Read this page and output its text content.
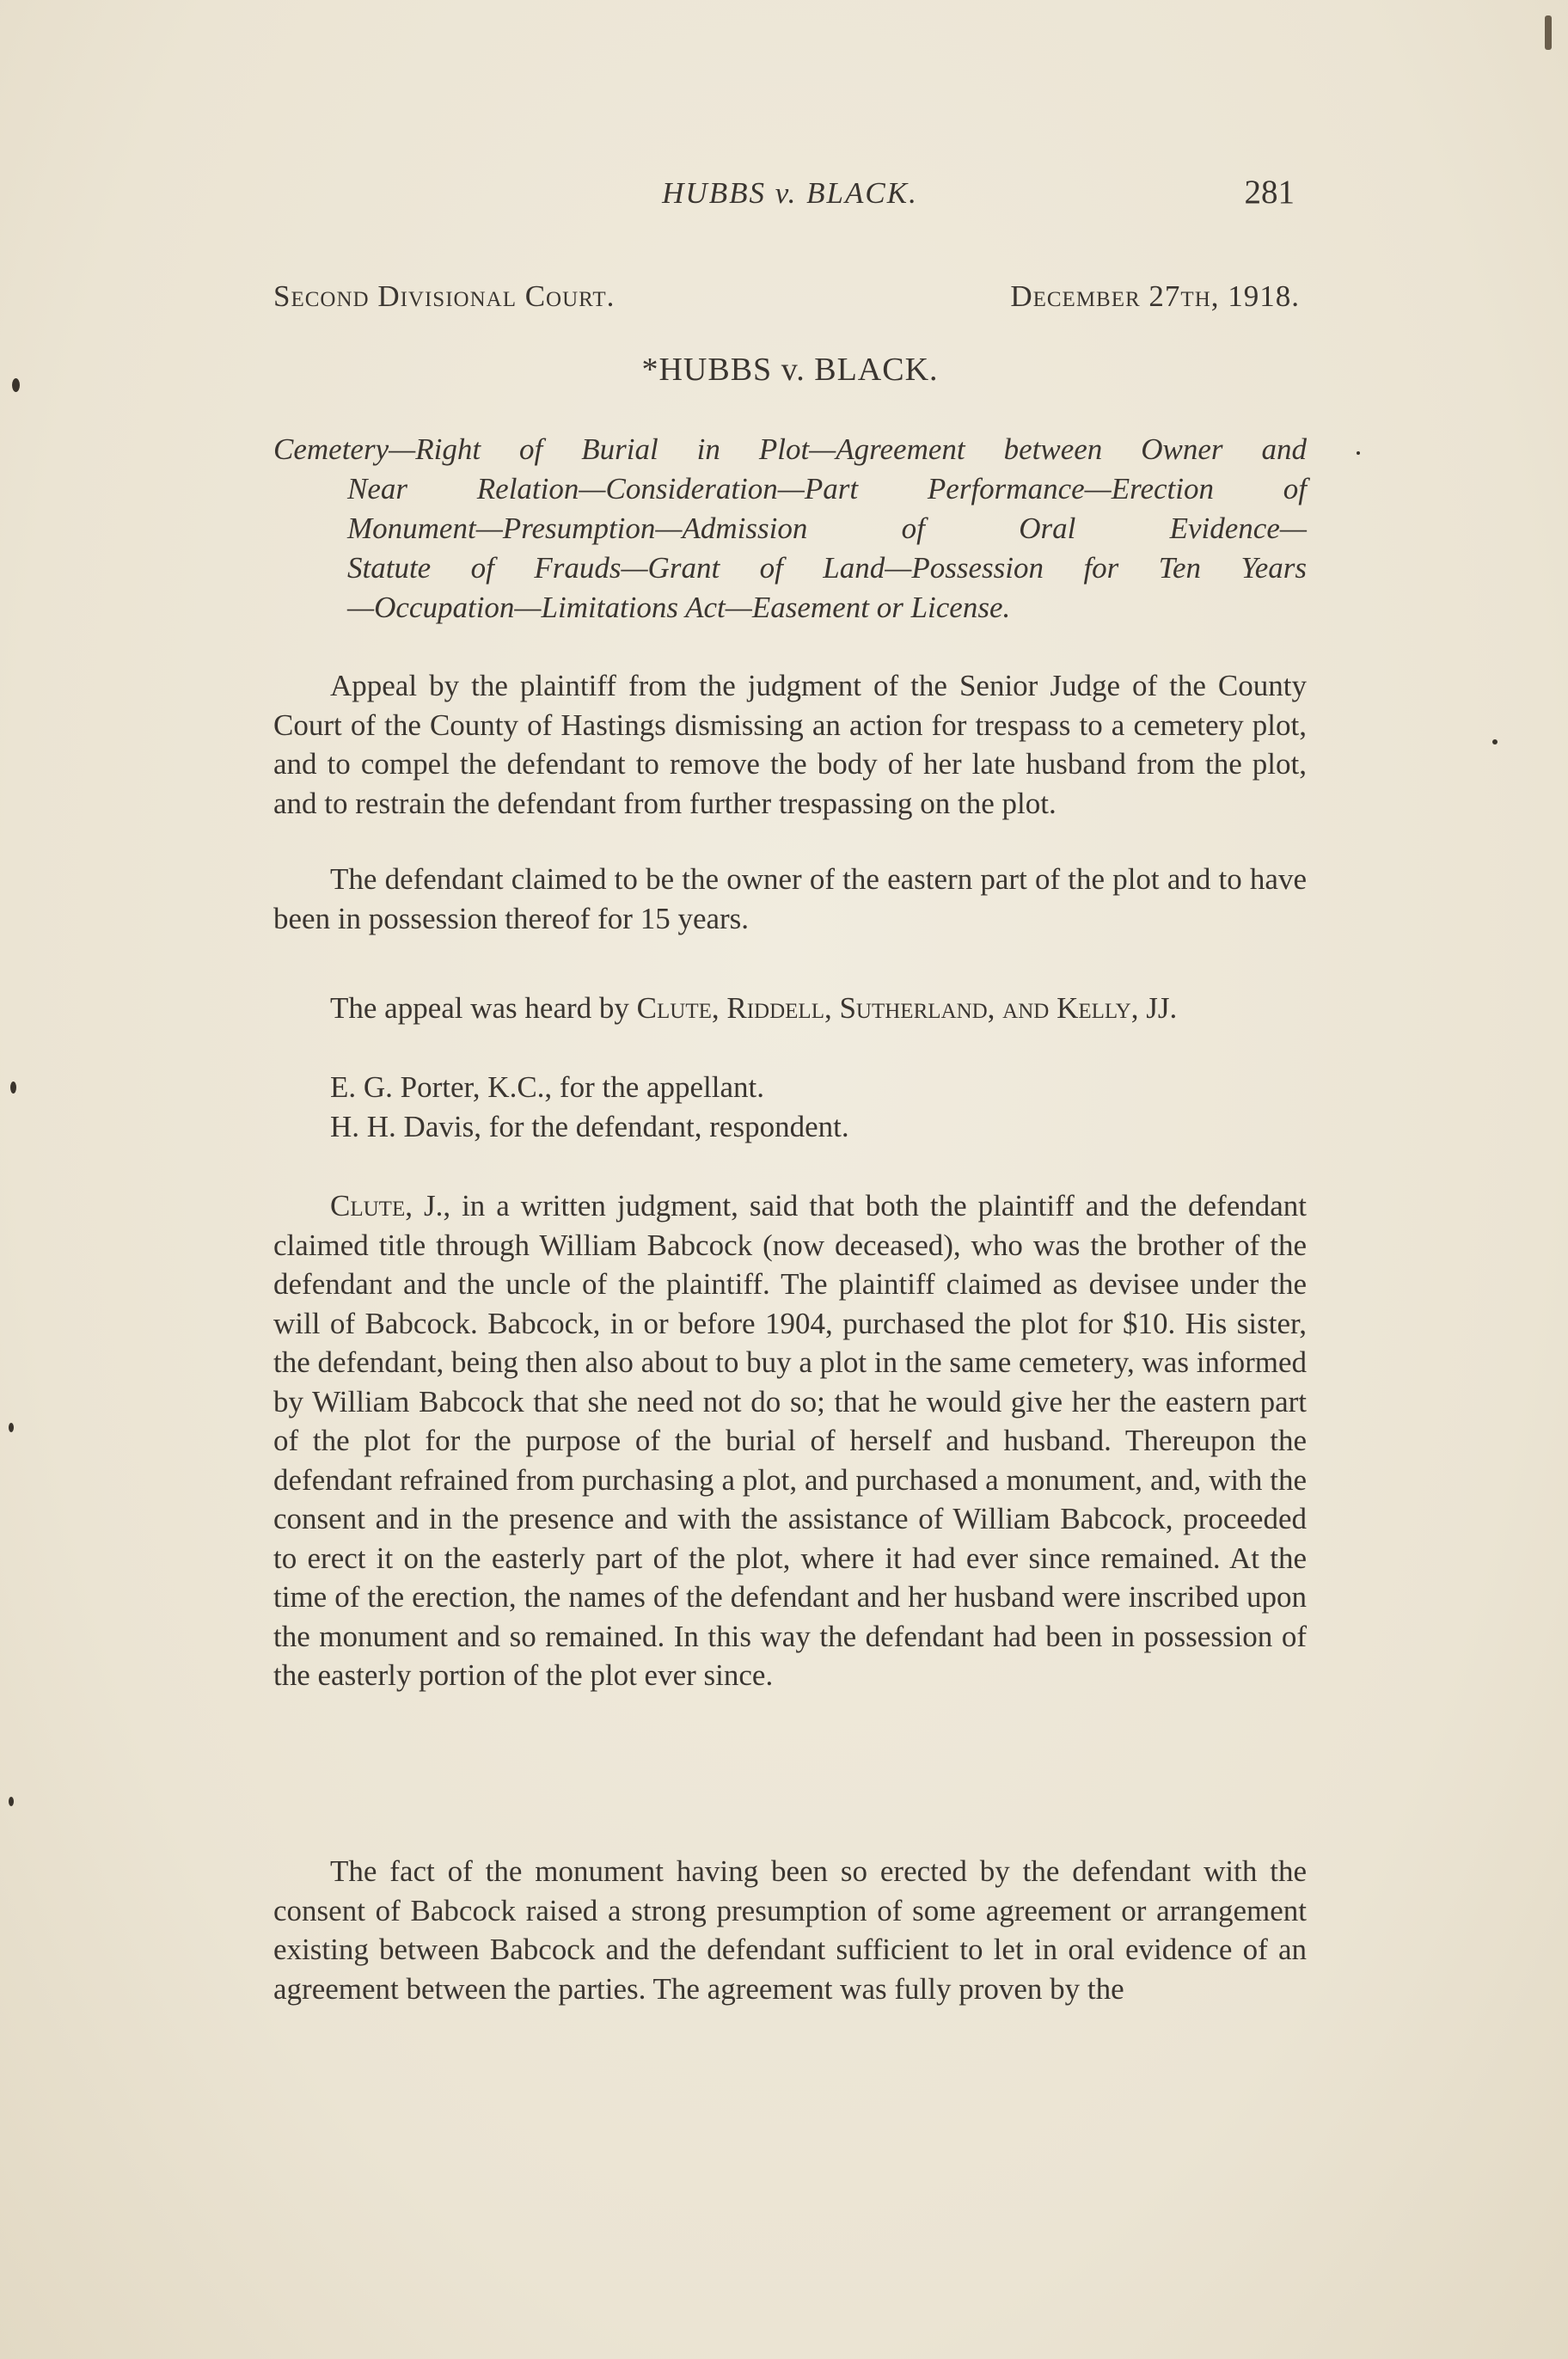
HUBBS v. BLACK.	281
Second Divisional Court.	December 27th, 1918.
*HUBBS v. BLACK.
Cemetery—Right of Burial in Plot—Agreement between Owner and
Near Relation—Consideration—Part Performance—Erection of
Monument—Presumption—Admission of Oral Evidence—
Statute of Frauds—Grant of Land—Possession for Ten Years
—Occupation—Limitations Act—Easement or License.
Appeal by the plaintiff from the judgment of the Senior Judge of the County Court of the County of Hastings dismissing an action for trespass to a cemetery plot, and to compel the defendant to remove the body of her late husband from the plot, and to restrain the defendant from further trespassing on the plot.
The defendant claimed to be the owner of the eastern part of the plot and to have been in possession thereof for 15 years.
The appeal was heard by Clute, Riddell, Sutherland, and Kelly, JJ.
E. G. Porter, K.C., for the appellant.
H. H. Davis, for the defendant, respondent.
Clute, J., in a written judgment, said that both the plaintiff and the defendant claimed title through William Babcock (now deceased), who was the brother of the defendant and the uncle of the plaintiff. The plaintiff claimed as devisee under the will of Babcock. Babcock, in or before 1904, purchased the plot for $10. His sister, the defendant, being then also about to buy a plot in the same cemetery, was informed by William Babcock that she need not do so; that he would give her the eastern part of the plot for the purpose of the burial of herself and husband. Thereupon the defendant refrained from purchasing a plot, and purchased a monument, and, with the consent and in the presence and with the assistance of William Babcock, proceeded to erect it on the easterly part of the plot, where it had ever since remained. At the time of the erection, the names of the defendant and her husband were inscribed upon the monument and so remained. In this way the defendant had been in possession of the easterly portion of the plot ever since.
The fact of the monument having been so erected by the defendant with the consent of Babcock raised a strong presumption of some agreement or arrangement existing between Babcock and the defendant sufficient to let in oral evidence of an agreement between the parties. The agreement was fully proven by the
